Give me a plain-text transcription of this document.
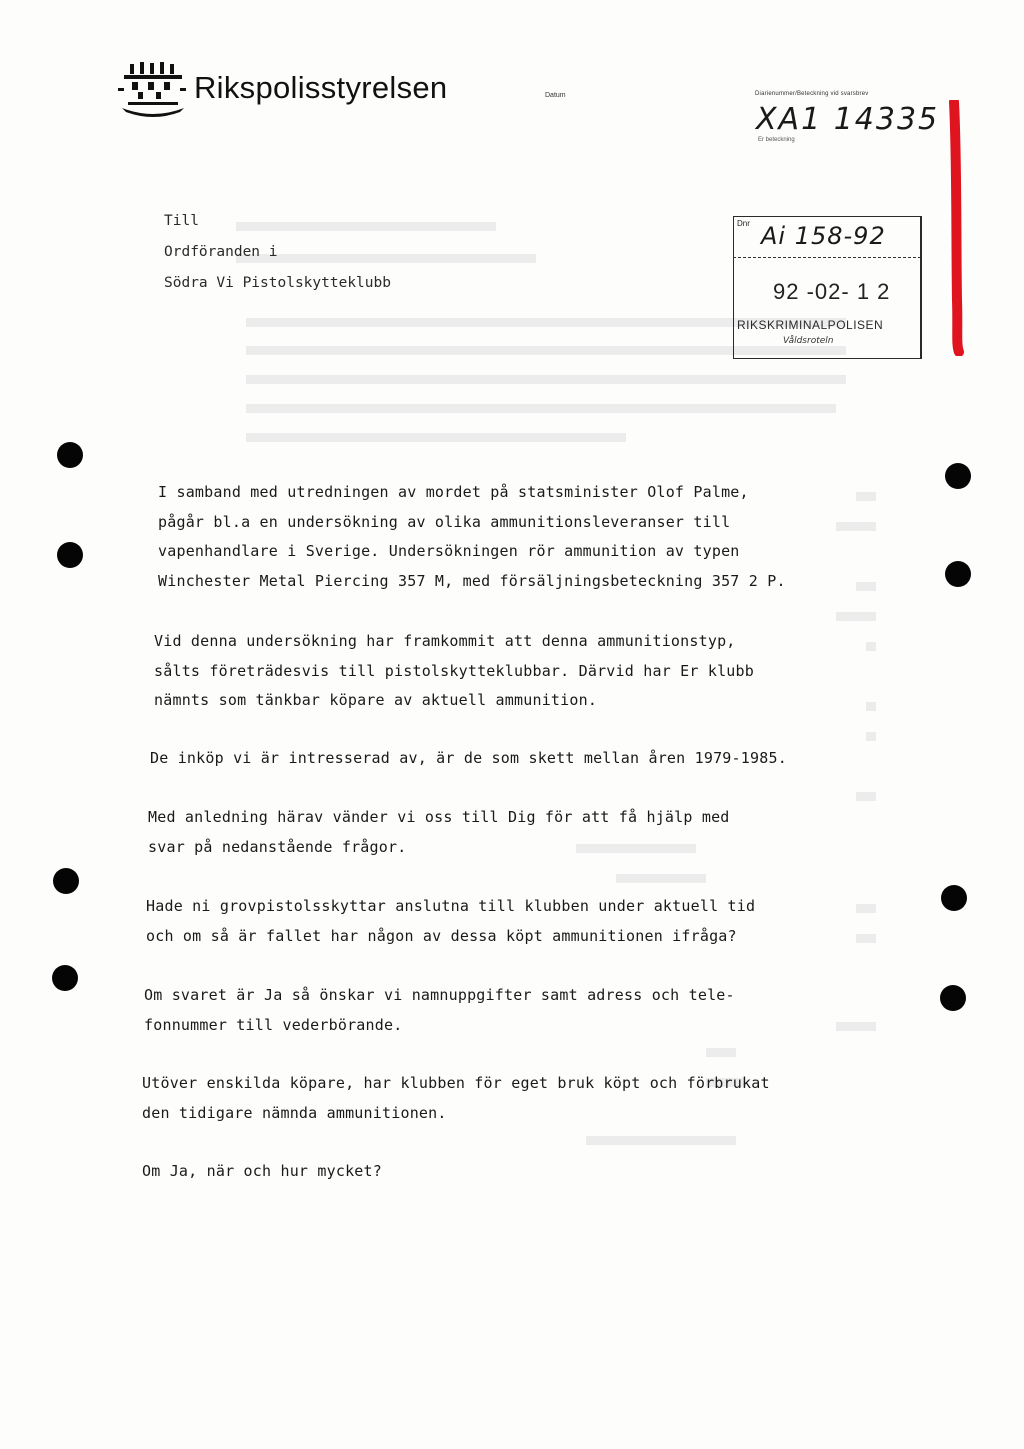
Rikspolisstyrelsen	Datum	Diarienummer/Beteckning vid svarsbrev
Er beteckning
XA1 14335
Dnr Ai 158-92
92 -02- 1 2
RIKSKRIMINALPOLISEN
Våldsroteln
Till
Ordföranden i
Södra Vi Pistolskytteklubb
I samband med utredningen av mordet på statsminister Olof Palme,
pågår bl.a en undersökning av olika ammunitionsleveranser till
vapenhandlare i Sverige. Undersökningen rör ammunition av typen
Winchester Metal Piercing 357 M, med försäljningsbeteckning 357 2 P.
Vid denna undersökning har framkommit att denna ammunitionstyp,
sålts företrädesvis till pistolskytteklubbar. Därvid har Er klubb
nämnts som tänkbar köpare av aktuell ammunition.
De inköp vi är intresserad av, är de som skett mellan åren 1979-1985.
Med anledning härav vänder vi oss till Dig för att få hjälp med
svar på nedanstående frågor.
Hade ni grovpistolsskyttar anslutna till klubben under aktuell tid
och om så är fallet har någon av dessa köpt ammunitionen ifråga?
Om svaret är Ja så önskar vi namnuppgifter samt adress och tele-
fonnummer till vederbörande.
Utöver enskilda köpare, har klubben för eget bruk köpt och förbrukat
den tidigare nämnda ammunitionen.
Om Ja, när och hur mycket?
